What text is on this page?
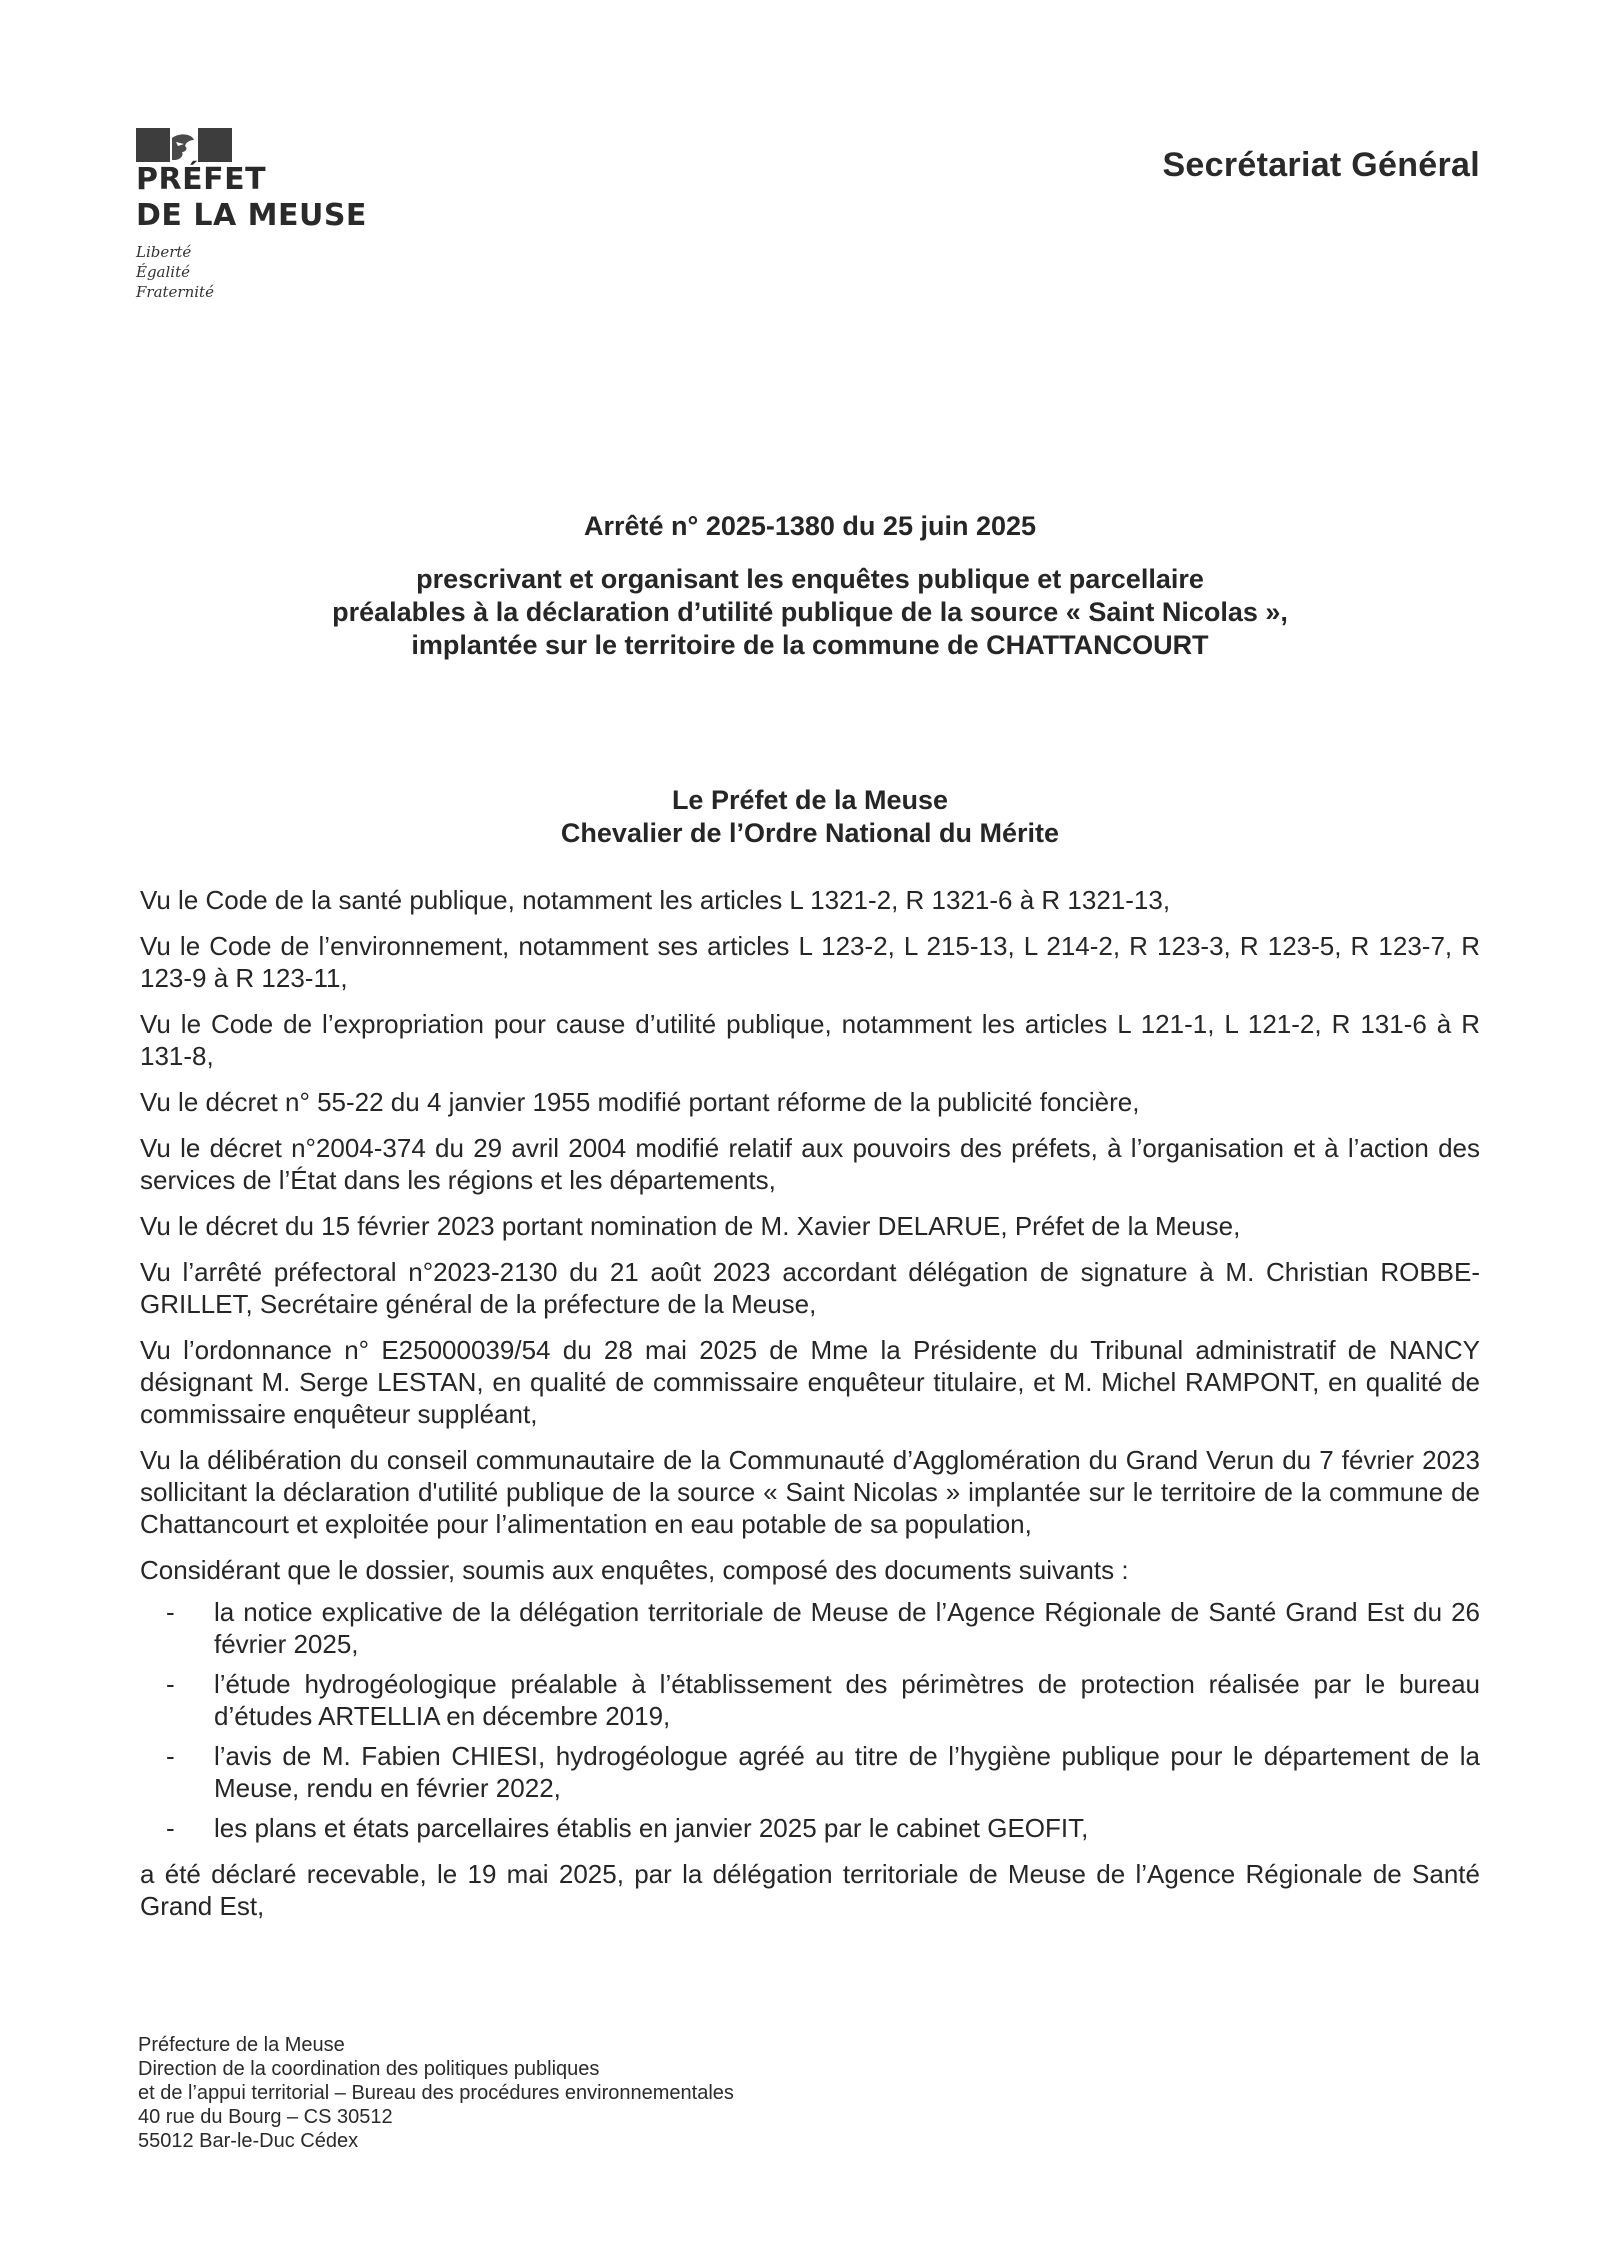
PRÉFET
DE LA MEUSE
Liberté
Égalité
Fraternité
Secrétariat Général
Arrêté n° 2025-1380 du 25 juin 2025
prescrivant et organisant les enquêtes publique et parcellaire
préalables à la déclaration d’utilité publique de la source « Saint Nicolas »,
implantée sur le territoire de la commune de CHATTANCOURT
Le Préfet de la Meuse
Chevalier de l’Ordre National du Mérite

Vu le Code de la santé publique, notamment les articles L 1321-2, R 1321-6 à R 1321-13,

Vu le Code de l’environnement, notamment ses articles L 123-2, L 215-13, L 214-2, R 123-3, R 123-5, R 123-7, R 123-9 à R 123-11,

Vu le Code de l’expropriation pour cause d’utilité publique, notamment les articles L 121-1, L 121-2, R 131-6 à R 131-8,

Vu le décret n° 55-22 du 4 janvier 1955 modifié portant réforme de la publicité foncière,

Vu le décret n°2004-374 du 29 avril 2004 modifié relatif aux pouvoirs des préfets, à l’organisation et à l’action des services de l’État dans les régions et les départements,

Vu le décret du 15 février 2023 portant nomination de M. Xavier DELARUE, Préfet de la Meuse,

Vu l’arrêté préfectoral n°2023-2130 du 21 août 2023 accordant délégation de signature à M. Christian ROBBE-GRILLET, Secrétaire général de la préfecture de la Meuse,

Vu l’ordonnance n° E25000039/54 du 28 mai 2025 de Mme la Présidente du Tribunal administratif de NANCY désignant M. Serge LESTAN, en qualité de commissaire enquêteur titulaire, et M. Michel RAMPONT, en qualité de commissaire enquêteur suppléant,

Vu la délibération du conseil communautaire de la Communauté d’Agglomération du Grand Verun du 7 février 2023 sollicitant la déclaration d'utilité publique de la source « Saint Nicolas » implantée sur le territoire de la commune de Chattancourt et exploitée pour l’alimentation en eau potable de sa population,

Considérant que le dossier, soumis aux enquêtes, composé des documents suivants :

- la notice explicative de la délégation territoriale de Meuse de l’Agence Régionale de Santé Grand Est du 26 février 2025,
- l’étude hydrogéologique préalable à l’établissement des périmètres de protection réalisée par le bureau d’études ARTELLIA en décembre 2019,
- l’avis de M. Fabien CHIESI, hydrogéologue agréé au titre de l’hygiène publique pour le département de la Meuse, rendu en février 2022,
- les plans et états parcellaires établis en janvier 2025 par le cabinet GEOFIT,

a été déclaré recevable, le 19 mai 2025, par la délégation territoriale de Meuse de l’Agence Régionale de Santé Grand Est,

Préfecture de la Meuse
Direction de la coordination des politiques publiques
et de l’appui territorial – Bureau des procédures environnementales
40 rue du Bourg – CS 30512
55012 Bar-le-Duc Cédex
